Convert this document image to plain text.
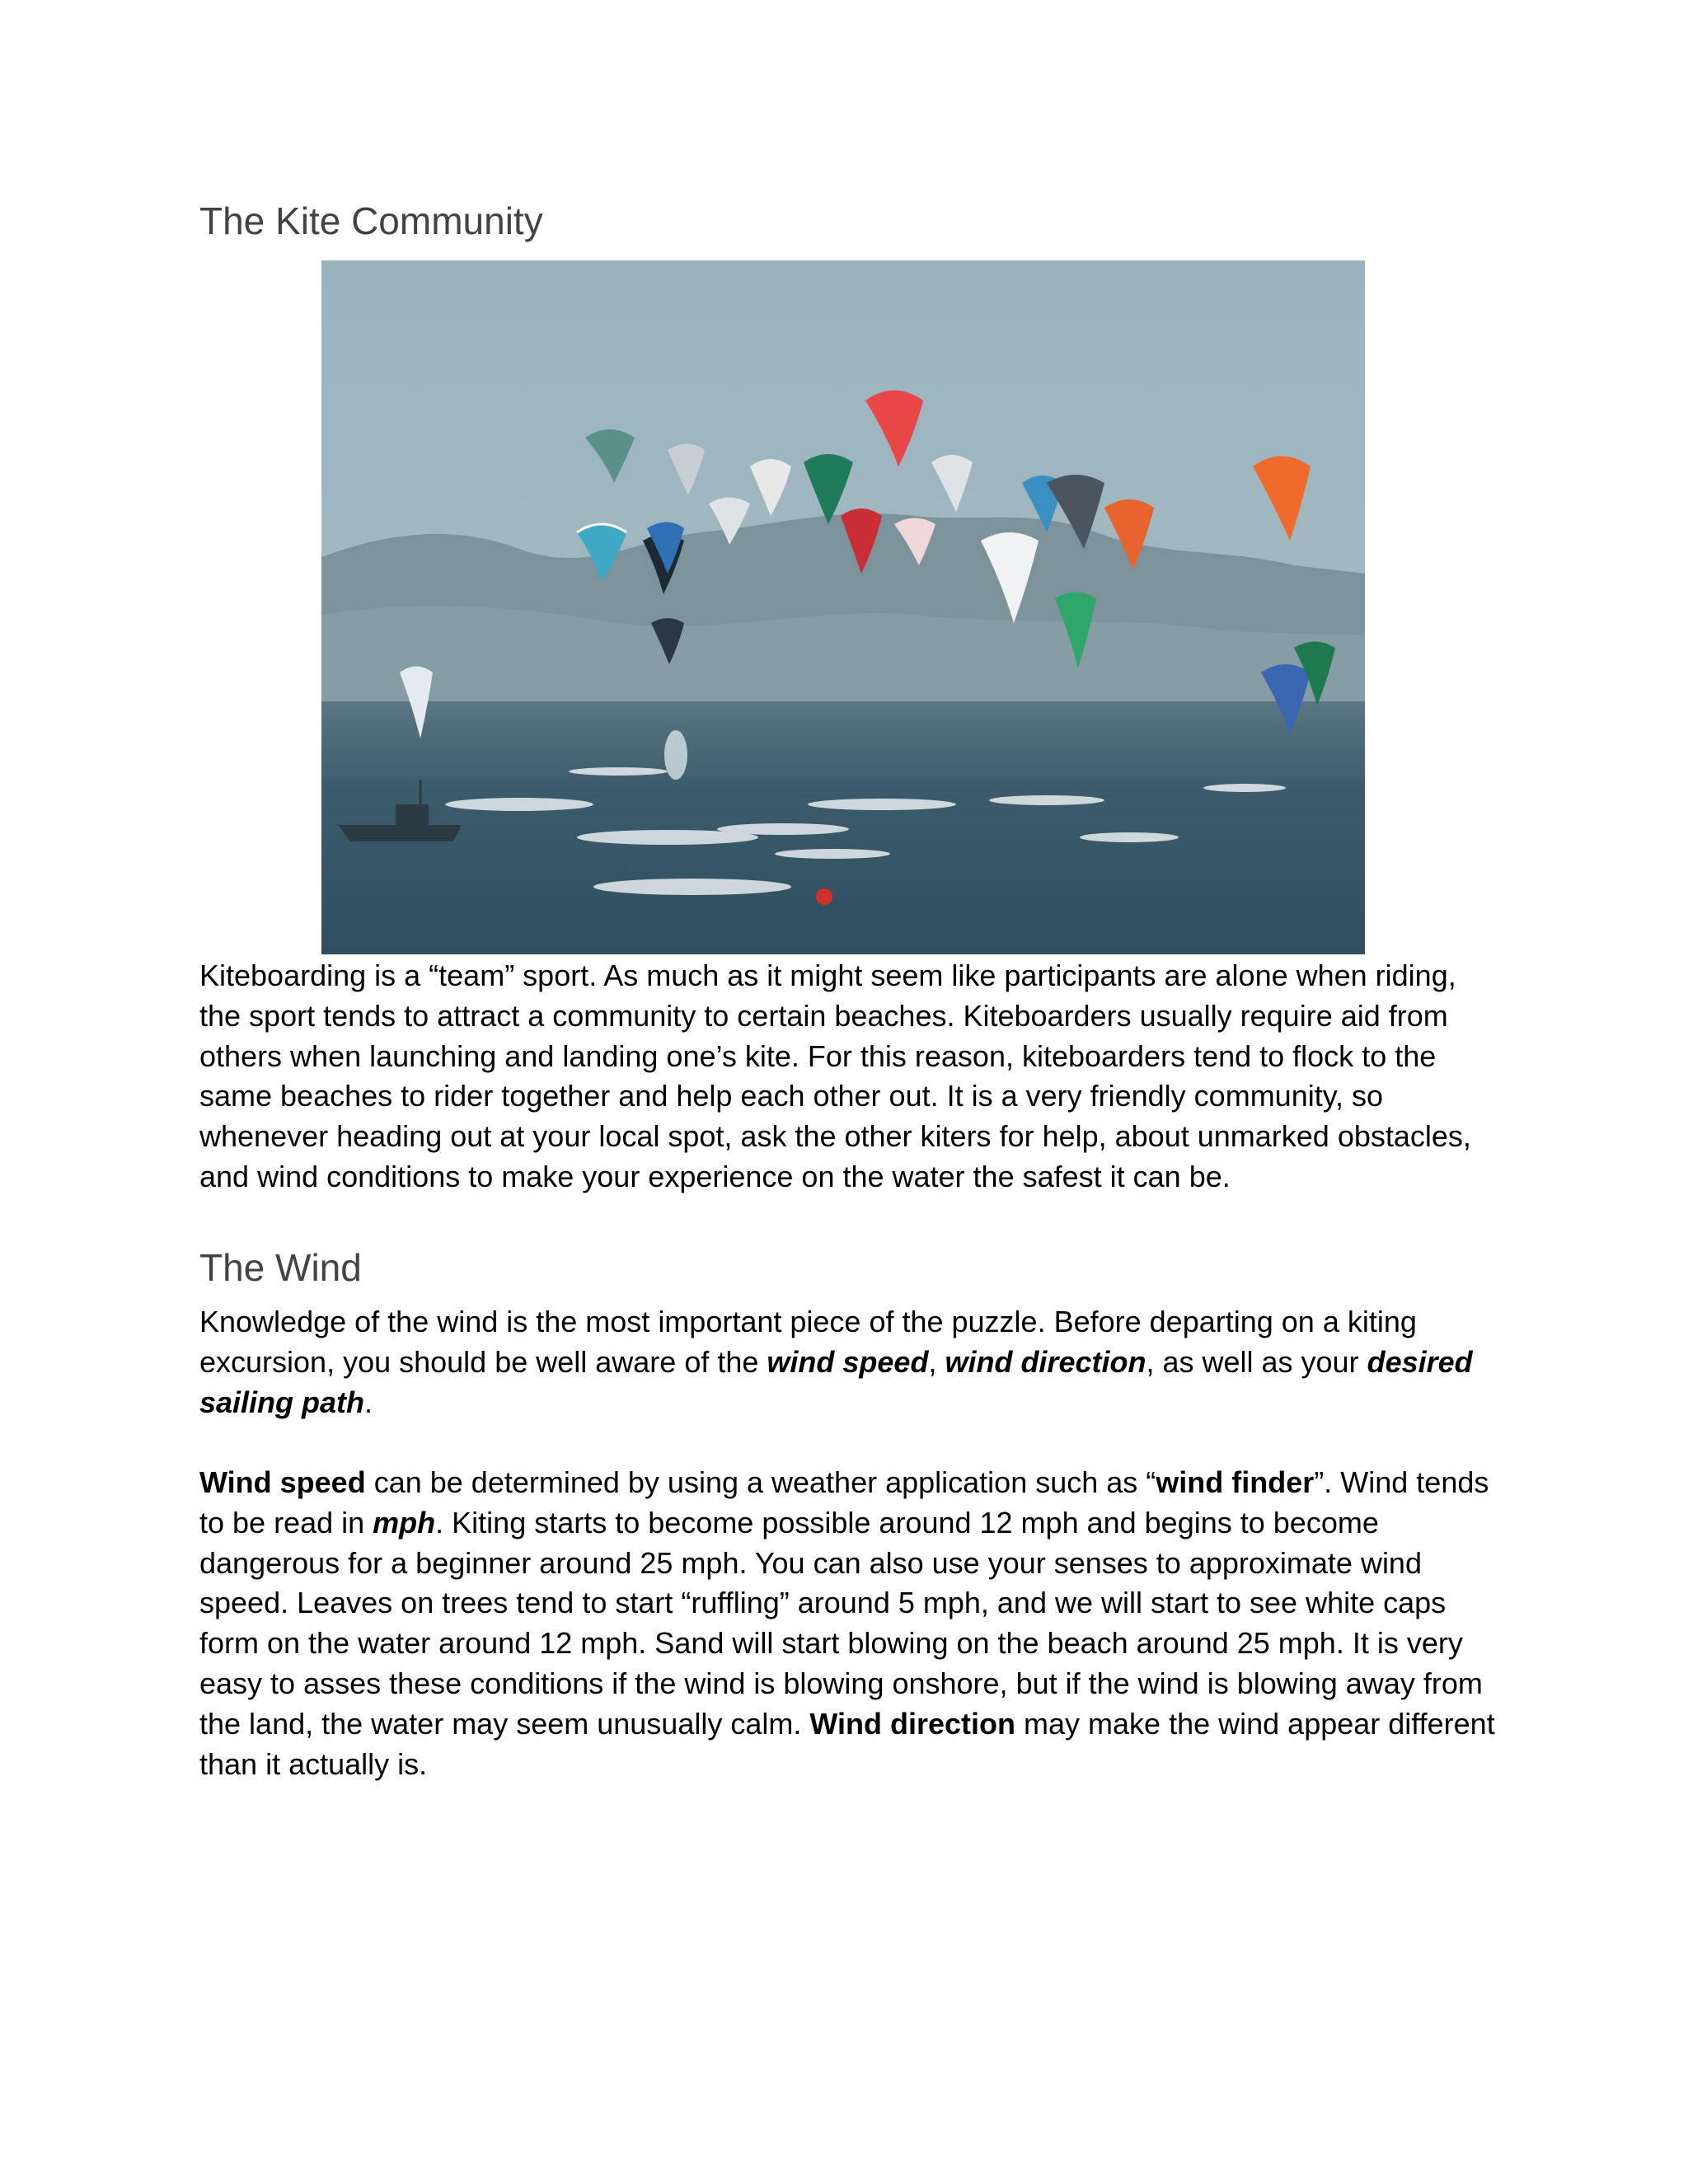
The Kite Community

Kiteboarding is a “team” sport. As much as it might seem like participants are alone when riding, the sport tends to attract a community to certain beaches. Kiteboarders usually require aid from others when launching and landing one’s kite. For this reason, kiteboarders tend to flock to the same beaches to rider together and help each other out. It is a very friendly community, so whenever heading out at your local spot, ask the other kiters for help, about unmarked obstacles, and wind conditions to make your experience on the water the safest it can be.

The Wind

Knowledge of the wind is the most important piece of the puzzle. Before departing on a kiting excursion, you should be well aware of the wind speed, wind direction, as well as your desired sailing path.

Wind speed can be determined by using a weather application such as “wind finder”. Wind tends to be read in mph. Kiting starts to become possible around 12 mph and begins to become dangerous for a beginner around 25 mph. You can also use your senses to approximate wind speed. Leaves on trees tend to start “ruffling” around 5 mph, and we will start to see white caps form on the water around 12 mph. Sand will start blowing on the beach around 25 mph. It is very easy to asses these conditions if the wind is blowing onshore, but if the wind is blowing away from the land, the water may seem unusually calm. Wind direction may make the wind appear different than it actually is.
